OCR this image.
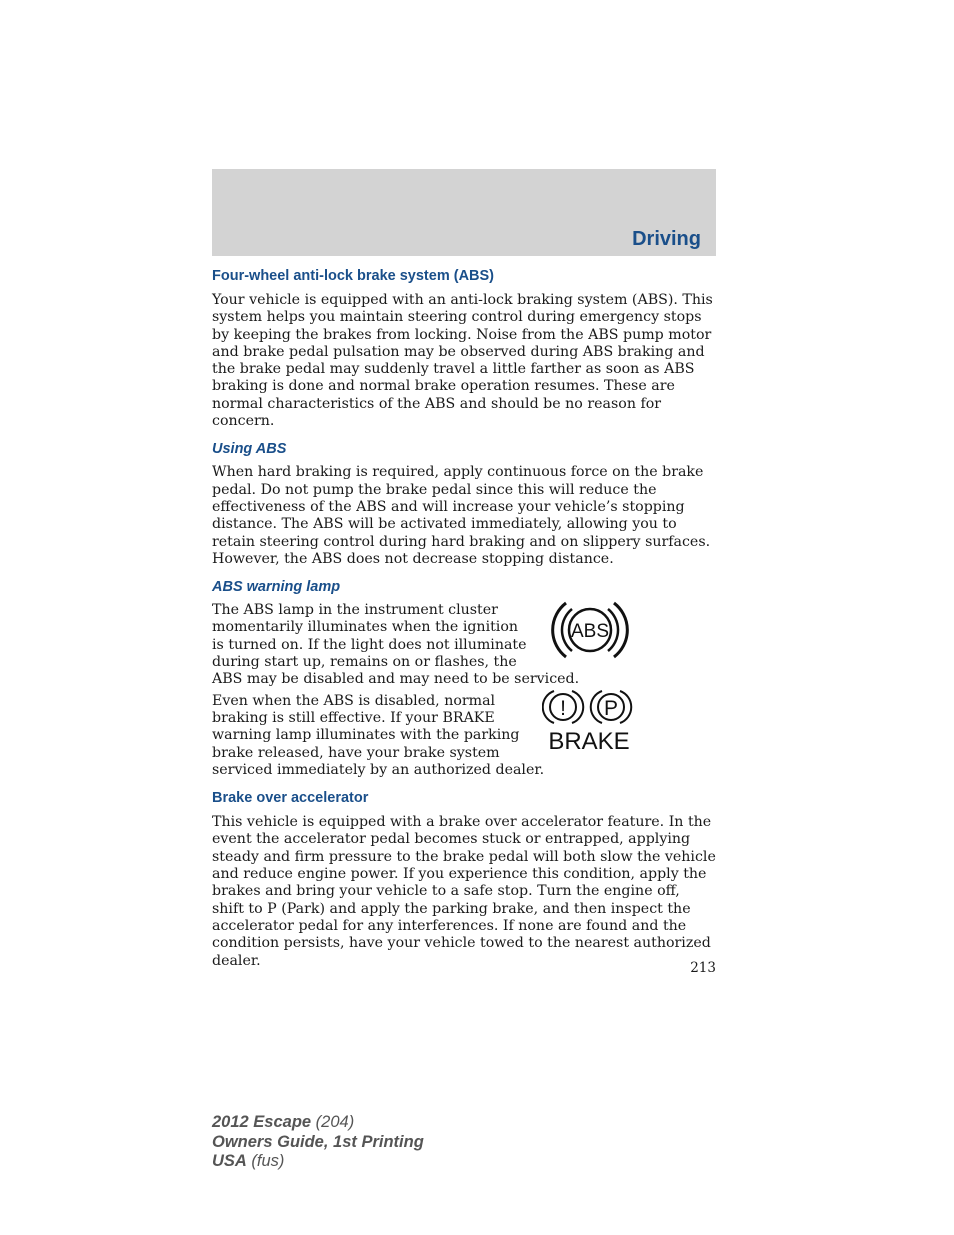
Driving
Four-wheel anti-lock brake system (ABS)

Your vehicle is equipped with an anti-lock braking system (ABS). This system helps you maintain steering control during emergency stops by keeping the brakes from locking. Noise from the ABS pump motor and brake pedal pulsation may be observed during ABS braking and the brake pedal may suddenly travel a little farther as soon as ABS braking is done and normal brake operation resumes. These are normal characteristics of the ABS and should be no reason for concern.

Using ABS

When hard braking is required, apply continuous force on the brake pedal. Do not pump the brake pedal since this will reduce the effectiveness of the ABS and will increase your vehicle’s stopping distance. The ABS will be activated immediately, allowing you to retain steering control during hard braking and on slippery surfaces. However, the ABS does not decrease stopping distance.

ABS warning lamp
The ABS lamp in the instrument cluster momentarily illuminates when the ignition is turned on. If the light does not illuminate during start up, remains on or flashes, the
ABS

ABS may be disabled and may need to be serviced.

Even when the ABS is disabled, normal braking is still effective. If your BRAKE warning lamp illuminates with the parking brake released, have your brake system
! P
BRAKE

serviced immediately by an authorized dealer.

Brake over accelerator

This vehicle is equipped with a brake over accelerator feature. In the event the accelerator pedal becomes stuck or entrapped, applying steady and firm pressure to the brake pedal will both slow the vehicle and reduce engine power. If you experience this condition, apply the brakes and bring your vehicle to a safe stop. Turn the engine off, shift to P (Park) and apply the parking brake, and then inspect the accelerator pedal for any interferences. If none are found and the condition persists, have your vehicle towed to the nearest authorized dealer.	213
2012 Escape (204)
Owners Guide, 1st Printing
USA (fus)
